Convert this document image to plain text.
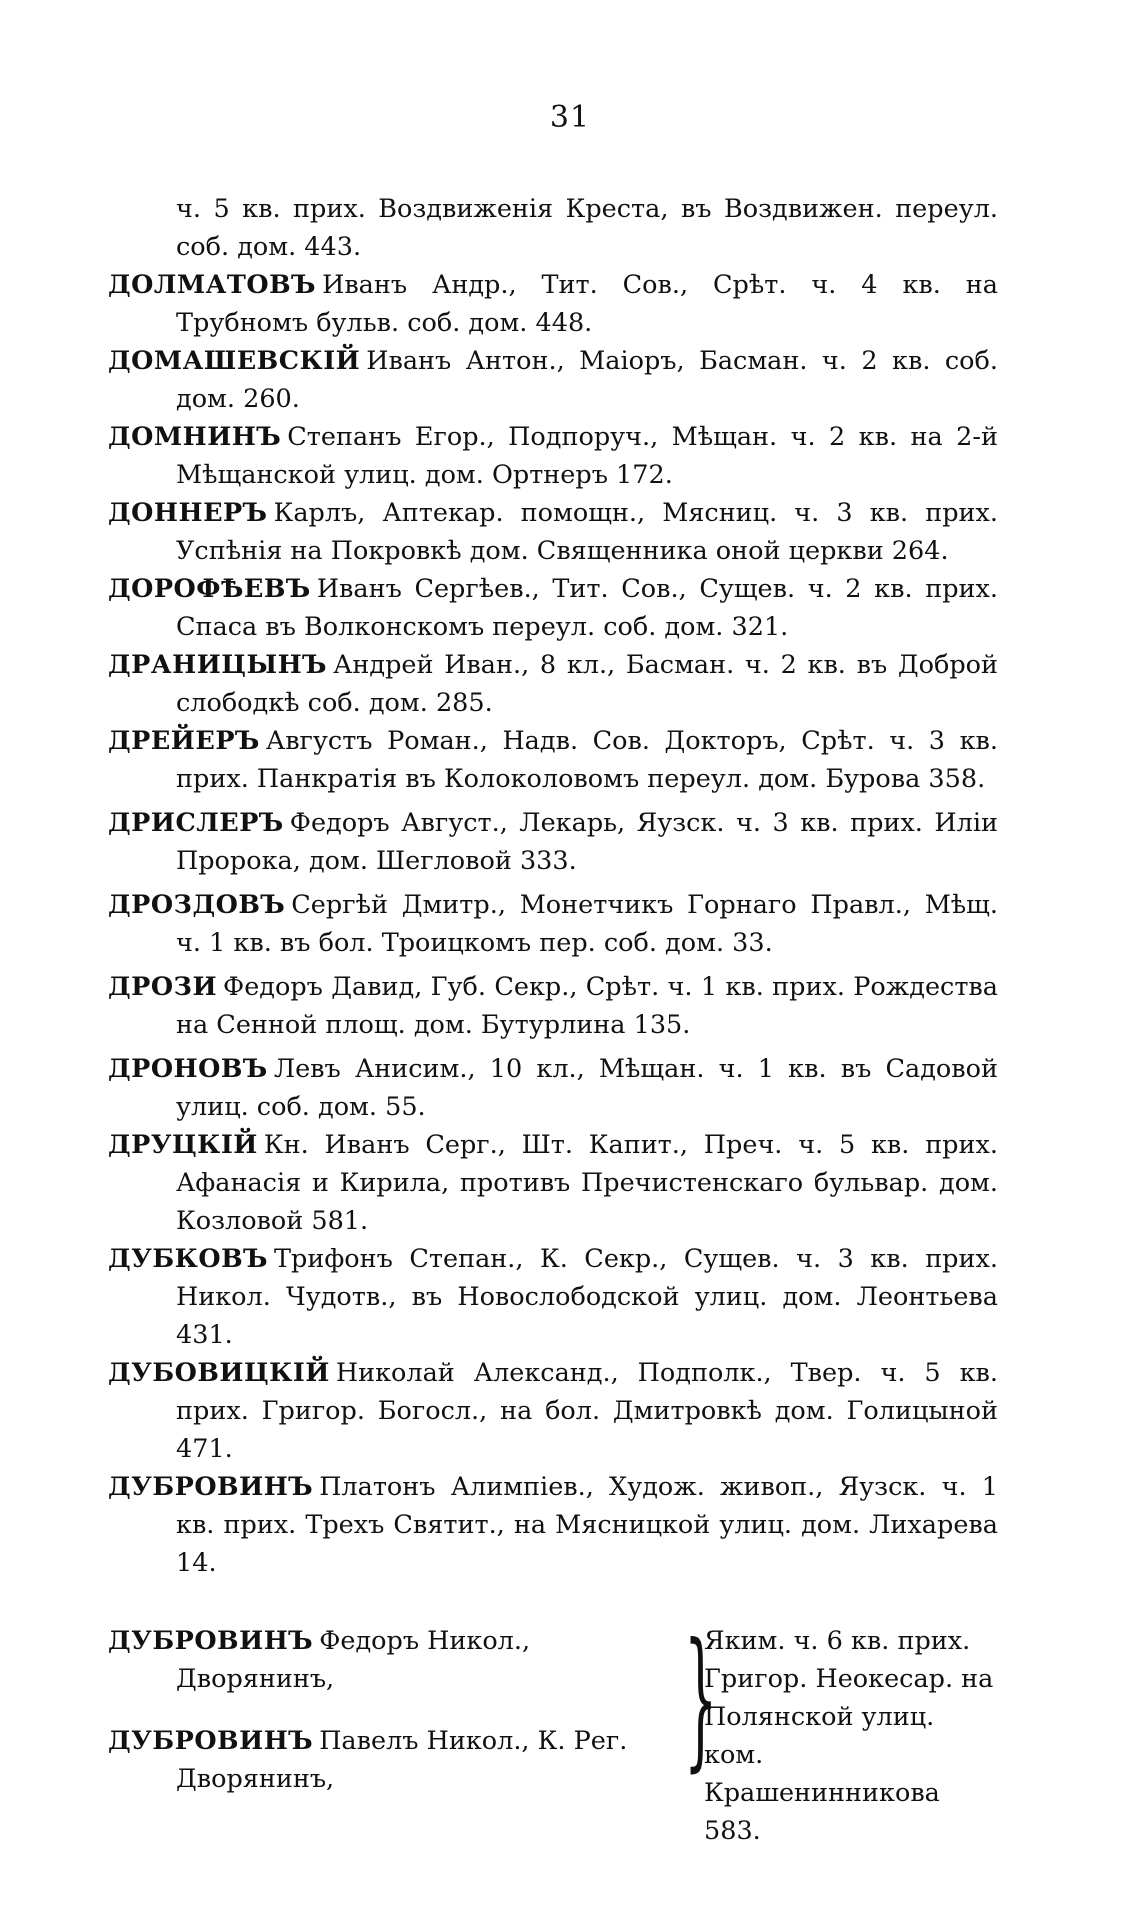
31

ч. 5 кв. прих. Воздвиженія Креста, въ Воздвижен. переул. соб. дом. 443.

ДОЛМАТОВЪ Иванъ Андр., Тит. Сов., Срѣт. ч. 4 кв. на Трубномъ бульв. соб. дом. 448.

ДОМАШЕВСКІЙ Иванъ Антон., Маіоръ, Басман. ч. 2 кв. соб. дом. 260.

ДОМНИНЪ Степанъ Егор., Подпоруч., Мѣщан. ч. 2 кв. на 2-й Мѣщанской улиц. дом. Ортнеръ 172.

ДОННЕРЪ Карлъ, Аптекар. помощн., Мясниц. ч. 3 кв. прих. Успѣнія на Покровкѣ дом. Священника оной церкви 264.

ДОРОФѢЕВЪ Иванъ Сергѣев., Тит. Сов., Сущев. ч. 2 кв. прих. Спаса въ Волконскомъ переул. соб. дом. 321.

ДРАНИЦЫНЪ Андрей Иван., 8 кл., Басман. ч. 2 кв. въ Доброй слободкѣ соб. дом. 285.

ДРЕЙЕРЪ Августъ Роман., Надв. Сов. Докторъ, Срѣт. ч. 3 кв. прих. Панкратія въ Колоколовомъ переул. дом. Бурова 358.

ДРИСЛЕРЪ Федоръ Август., Лекарь, Яузск. ч. 3 кв. прих. Иліи Пророка, дом. Шегловой 333.

ДРОЗДОВЪ Сергѣй Дмитр., Монетчикъ Горнаго Правл., Мѣщ. ч. 1 кв. въ бол. Троицкомъ пер. соб. дом. 33.

ДРОЗИ Федоръ Давид, Губ. Секр., Срѣт. ч. 1 кв. прих. Рождества на Сенной площ. дом. Бутурлина 135.

ДРОНОВЪ Левъ Анисим., 10 кл., Мѣщан. ч. 1 кв. въ Садовой улиц. соб. дом. 55.

ДРУЦКІЙ Кн. Иванъ Серг., Шт. Капит., Преч. ч. 5 кв. прих. Афанасія и Кирила, противъ Пречистенскаго бульвар. дом. Козловой 581.

ДУБКОВЪ Трифонъ Степан., К. Секр., Сущев. ч. 3 кв. прих. Никол. Чудотв., въ Новослободской улиц. дом. Леонтьева 431.

ДУБОВИЦКІЙ Николай Александ., Подполк., Твер. ч. 5 кв. прих. Григор. Богосл., на бол. Дмитровкѣ дом. Голицыной 471.

ДУБРОВИНЪ Платонъ Алимпіев., Худож. живоп., Яузск. ч. 1 кв. прих. Трехъ Святит., на Мясницкой улиц. дом. Лихарева 14.

ДУБРОВИНЪ Федоръ Никол., Дворянинъ,

ДУБРОВИНЪ Павелъ Никол., К. Рег. Дворянинъ,	}
Яким. ч. 6 кв. прих. Григор. Неокесар. на Полянской улиц. ком. Крашенинникова 583.
